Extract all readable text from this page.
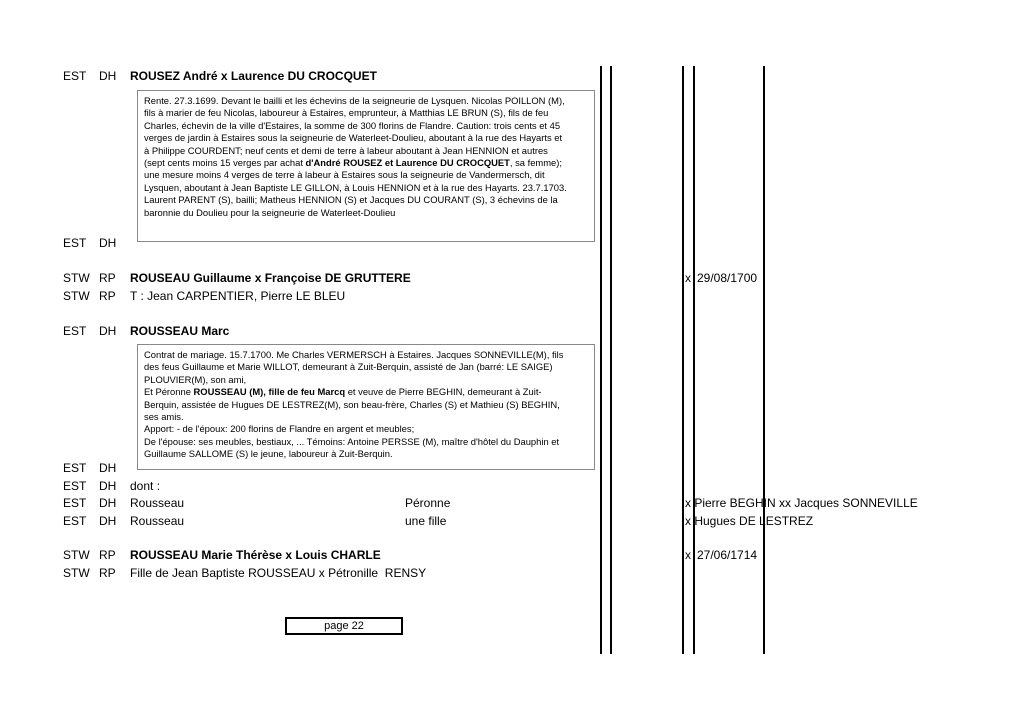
EST DH ROUSEZ André x Laurence DU CROCQUET
Rente. 27.3.1699. Devant le bailli et les échevins de la seigneurie de Lysquen. Nicolas POILLON (M),
fils à marier de feu Nicolas, laboureur à Estaires, emprunteur, à Matthias LE BRUN (S), fils de feu
Charles, échevin de la ville d'Estaires, la somme de 300 florins de Flandre. Caution: trois cents et 45
verges de jardin à Estaires sous la seigneurie de Waterleet-Doulieu, aboutant à la rue des Hayarts et
à Philippe COURDENT; neuf cents et demi de terre à labeur aboutant à Jean HENNION et autres
(sept cents moins 15 verges par achat d'André ROUSEZ et Laurence DU CROCQUET, sa femme);
une mesure moins 4 verges de terre à labeur à Estaires sous la seigneurie de Vandermersch, dit
Lysquen, aboutant à Jean Baptiste LE GILLON, à Louis HENNION et à la rue des Hayarts. 23.7.1703.
Laurent PARENT (S), bailli; Matheus HENNION (S) et Jacques DU COURANT (S), 3 échevins de la
baronnie du Doulieu pour la seigneurie de Waterleet-Doulieu
EST DH
STW RP ROUSEAU Guillaume x Françoise DE GRUTTERE	x 29/08/1700
STW RP T : Jean CARPENTIER, Pierre LE BLEU
EST DH ROUSSEAU Marc
Contrat de mariage. 15.7.1700. Me Charles VERMERSCH à Estaires. Jacques SONNEVILLE(M), fils
des feus Guillaume et Marie WILLOT, demeurant à Zuit-Berquin, assisté de Jan (barré: LE SAIGE)
PLOUVIER(M), son ami,
Et Péronne ROUSSEAU (M), fille de feu Marcq et veuve de Pierre BEGHIN, demeurant à Zuit-
Berquin, assistée de Hugues DE LESTREZ(M), son beau-frère, Charles (S) et Mathieu (S) BEGHIN,
ses amis.
Apport: - de l'époux: 200 florins de Flandre en argent et meubles;
De l'épouse: ses meubles, bestiaux, ... Témoins: Antoine PERSSE (M), maître d'hôtel du Dauphin et
Guillaume SALLOME (S) le jeune, laboureur à Zuit-Berquin.
EST DH
EST DH dont :
EST DH Rousseau	Péronne	x Pierre BEGHIN xx Jacques SONNEVILLE
EST DH Rousseau	une fille	x Hugues DE LESTREZ
STW RP ROUSSEAU Marie Thérèse x Louis CHARLE	x 27/06/1714
STW RP Fille de Jean Baptiste ROUSSEAU x Pétronille  RENSY
page 22
